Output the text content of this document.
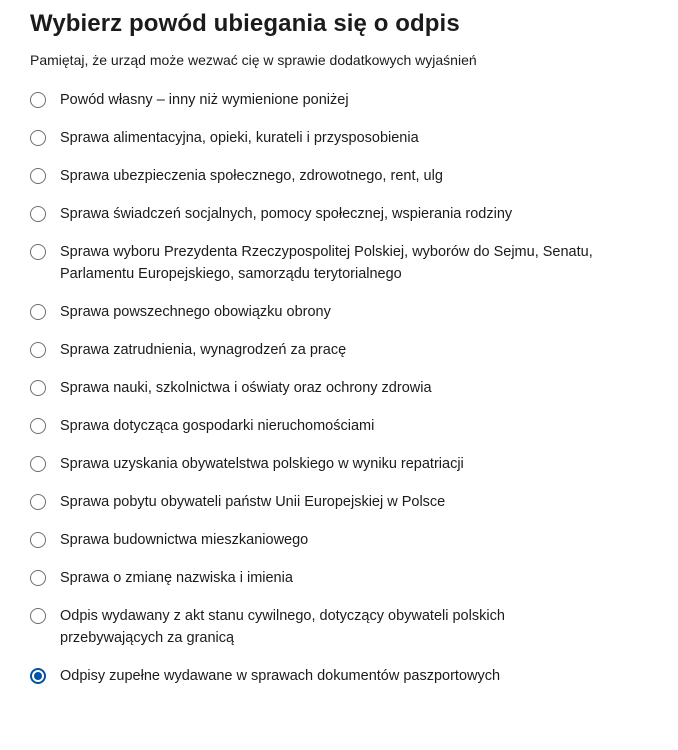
Wybierz powód ubiegania się o odpis

Pamiętaj, że urząd może wezwać cię w sprawie dodatkowych wyjaśnień

Powód własny – inny niż wymienione poniżej
Sprawa alimentacyjna, opieki, kurateli i przysposobienia
Sprawa ubezpieczenia społecznego, zdrowotnego, rent, ulg
Sprawa świadczeń socjalnych, pomocy społecznej, wspierania rodziny
Sprawa wyboru Prezydenta Rzeczypospolitej Polskiej, wyborów do Sejmu, Senatu, Parlamentu Europejskiego, samorządu terytorialnego
Sprawa powszechnego obowiązku obrony
Sprawa zatrudnienia, wynagrodzeń za pracę
Sprawa nauki, szkolnictwa i oświaty oraz ochrony zdrowia
Sprawa dotycząca gospodarki nieruchomościami
Sprawa uzyskania obywatelstwa polskiego w wyniku repatriacji
Sprawa pobytu obywateli państw Unii Europejskiej w Polsce
Sprawa budownictwa mieszkaniowego
Sprawa o zmianę nazwiska i imienia
Odpis wydawany z akt stanu cywilnego, dotyczący obywateli polskich przebywających za granicą
Odpisy zupełne wydawane w sprawach dokumentów paszportowych
